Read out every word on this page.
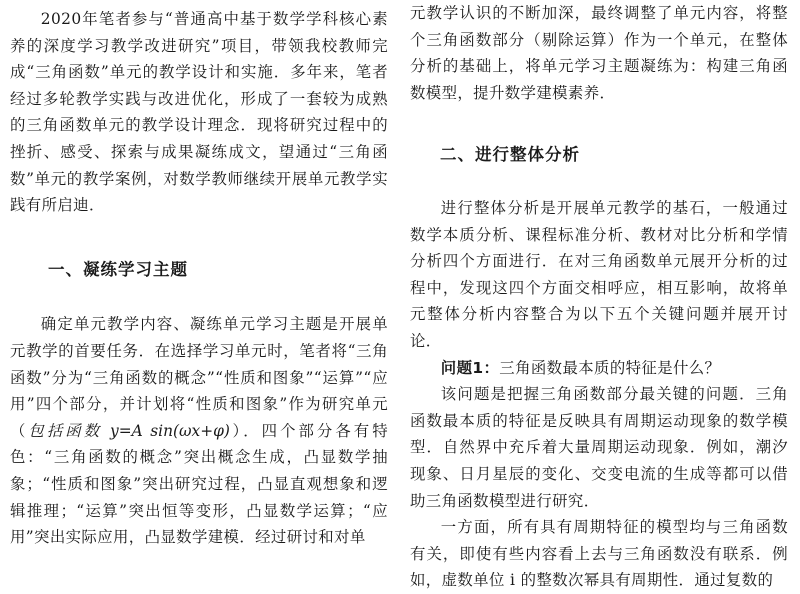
2020年笔者参与“普通高中基于数学学科核心素养的深度学习教学改进研究”项目，带领我校教师完成“三角函数”单元的教学设计和实施．多年来，笔者经过多轮教学实践与改进优化，形成了一套较为成熟的三角函数单元的教学设计理念．现将研究过程中的挫折、感受、探索与成果凝练成文，望通过“三角函数”单元的教学案例，对数学教师继续开展单元教学实践有所启迪．

一、凝练学习主题

确定单元教学内容、凝练单元学习主题是开展单元教学的首要任务．在选择学习单元时，笔者将“三角函数”分为“三角函数的概念”“性质和图象”“运算”“应用”四个部分，并计划将“性质和图象”作为研究单元（包括函数 y=A sin(ωx+φ)）．四个部分各有特色：“三角函数的概念”突出概念生成，凸显数学抽象；“性质和图象”突出研究过程，凸显直观想象和逻辑推理；“运算”突出恒等变形，凸显数学运算；“应用”突出实际应用，凸显数学建模．经过研讨和对单

元教学认识的不断加深，最终调整了单元内容，将整个三角函数部分（剔除运算）作为一个单元，在整体分析的基础上，将单元学习主题凝练为：构建三角函数模型，提升数学建模素养．

二、进行整体分析

进行整体分析是开展单元教学的基石，一般通过数学本质分析、课程标准分析、教材对比分析和学情分析四个方面进行．在对三角函数单元展开分析的过程中，发现这四个方面交相呼应，相互影响，故将单元整体分析内容整合为以下五个关键问题并展开讨论．

问题1：三角函数最本质的特征是什么？

该问题是把握三角函数部分最关键的问题．三角函数最本质的特征是反映具有周期运动现象的数学模型．自然界中充斥着大量周期运动现象．例如，潮汐现象、日月星辰的变化、交变电流的生成等都可以借助三角函数模型进行研究．

一方面，所有具有周期特征的模型均与三角函数有关，即使有些内容看上去与三角函数没有联系．例如，虚数单位 i 的整数次幂具有周期性．通过复数的
